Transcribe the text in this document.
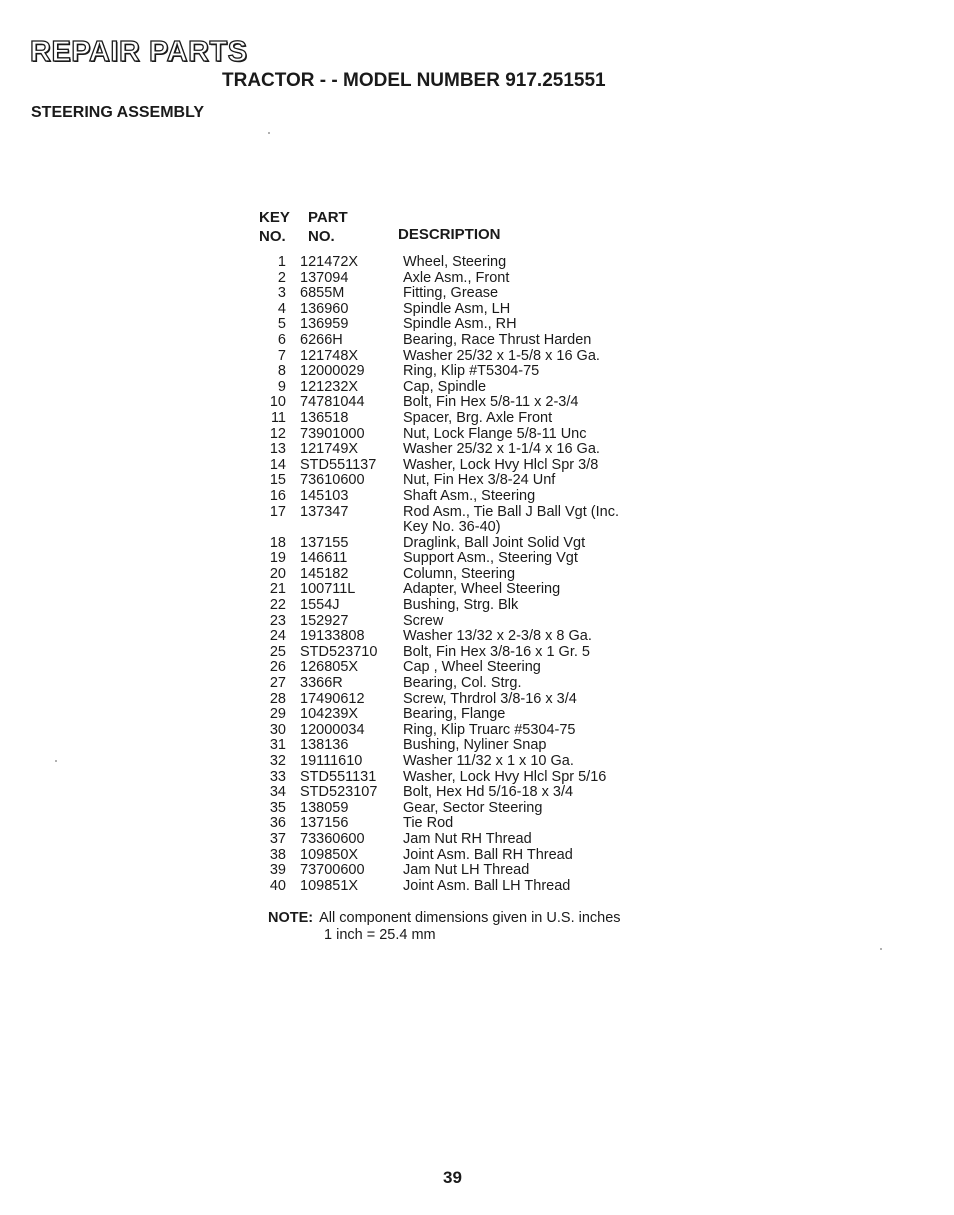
REPAIR PARTS
TRACTOR - - MODEL NUMBER 917.251551
STEERING ASSEMBLY
KEY PART
NO. NO.	DESCRIPTION
1 121472X	Wheel, Steering
2 137094	Axle Asm., Front
3 6855M	Fitting, Grease
4 136960	Spindle Asm, LH
5 136959	Spindle Asm., RH
6 6266H	Bearing, Race Thrust Harden
7 121748X	Washer 25/32 x 1-5/8 x 16 Ga.
8 12000029	Ring, Klip #T5304-75
9 121232X	Cap, Spindle
10 74781044	Bolt, Fin Hex 5/8-11 x 2-3/4
11 136518	Spacer, Brg. Axle Front
12 73901000	Nut, Lock Flange 5/8-11 Unc
13 121749X	Washer 25/32 x 1-1/4 x 16 Ga.
14 STD551137 Washer, Lock Hvy Hlcl Spr 3/8
15 73610600	Nut, Fin Hex 3/8-24 Unf
16 145103	Shaft Asm., Steering
17 137347	Rod Asm., Tie Ball J Ball Vgt (Inc.
Key No. 36-40)
18 137155	Draglink, Ball Joint Solid Vgt
19 146611	Support Asm., Steering Vgt
20 145182	Column, Steering
21 100711L	Adapter, Wheel Steering
22 1554J	Bushing, Strg. Blk
23 152927	Screw
24 19133808	Washer 13/32 x 2-3/8 x 8 Ga.
25 STD523710 Bolt, Fin Hex 3/8-16 x 1 Gr. 5
26 126805X	Cap , Wheel Steering
27 3366R	Bearing, Col. Strg.
28 17490612	Screw, Thrdrol 3/8-16 x 3/4
29 104239X	Bearing, Flange
30 12000034	Ring, Klip Truarc #5304-75
31 138136	Bushing, Nyliner Snap
32 19111610	Washer 11/32 x 1 x 10 Ga.
33 STD551131 Washer, Lock Hvy Hlcl Spr 5/16
34 STD523107 Bolt, Hex Hd 5/16-18 x 3/4
35 138059	Gear, Sector Steering
36 137156	Tie Rod
37 73360600	Jam Nut RH Thread
38 109850X	Joint Asm. Ball RH Thread
39 73700600	Jam Nut LH Thread
40 109851X	Joint Asm. Ball LH Thread
NOTE: All component dimensions given in U.S. inches
1 inch = 25.4 mm
39
